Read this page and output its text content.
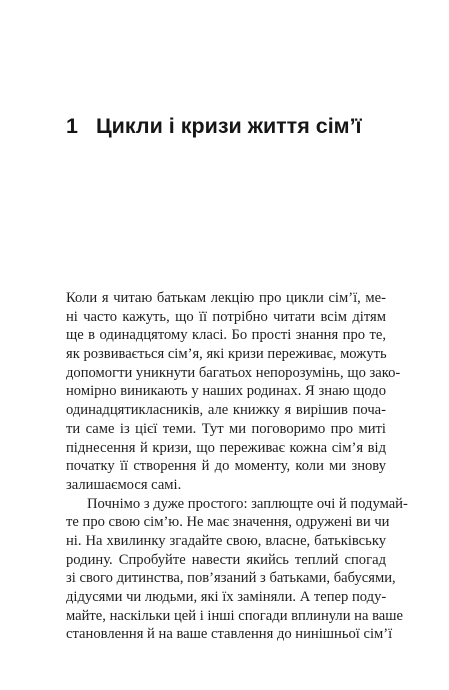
1 Цикли і кризи життя сім’ї
Коли я читаю батькам лекцію про цикли сім’ї, ме-
ні часто кажуть, що її потрібно читати всім дітям
ще в одинадцятому класі. Бо прості знання про те,
як розвивається сім’я, які кризи переживає, можуть
допомогти уникнути багатьох непорозумінь, що зако-
номірно виникають у наших родинах. Я знаю щодо
одинадцятикласників, але книжку я вирішив поча-
ти саме із цієї теми. Тут ми поговоримо про миті
піднесення й кризи, що переживає кожна сім’я від
початку її створення й до моменту, коли ми знову
залишаємося самі.
Почнімо з дуже простого: заплющте очі й подумай-
те про свою сім’ю. Не має значення, одружені ви чи
ні. На хвилинку згадайте свою, власне, батьківську
родину. Спробуйте навести якийсь теплий спогад
зі свого дитинства, пов’язаний з батьками, бабусями,
дідусями чи людьми, які їх заміняли. А тепер поду-
майте, наскільки цей і інші спогади вплинули на ваше
становлення й на ваше ставлення до нинішньої сім’ї
